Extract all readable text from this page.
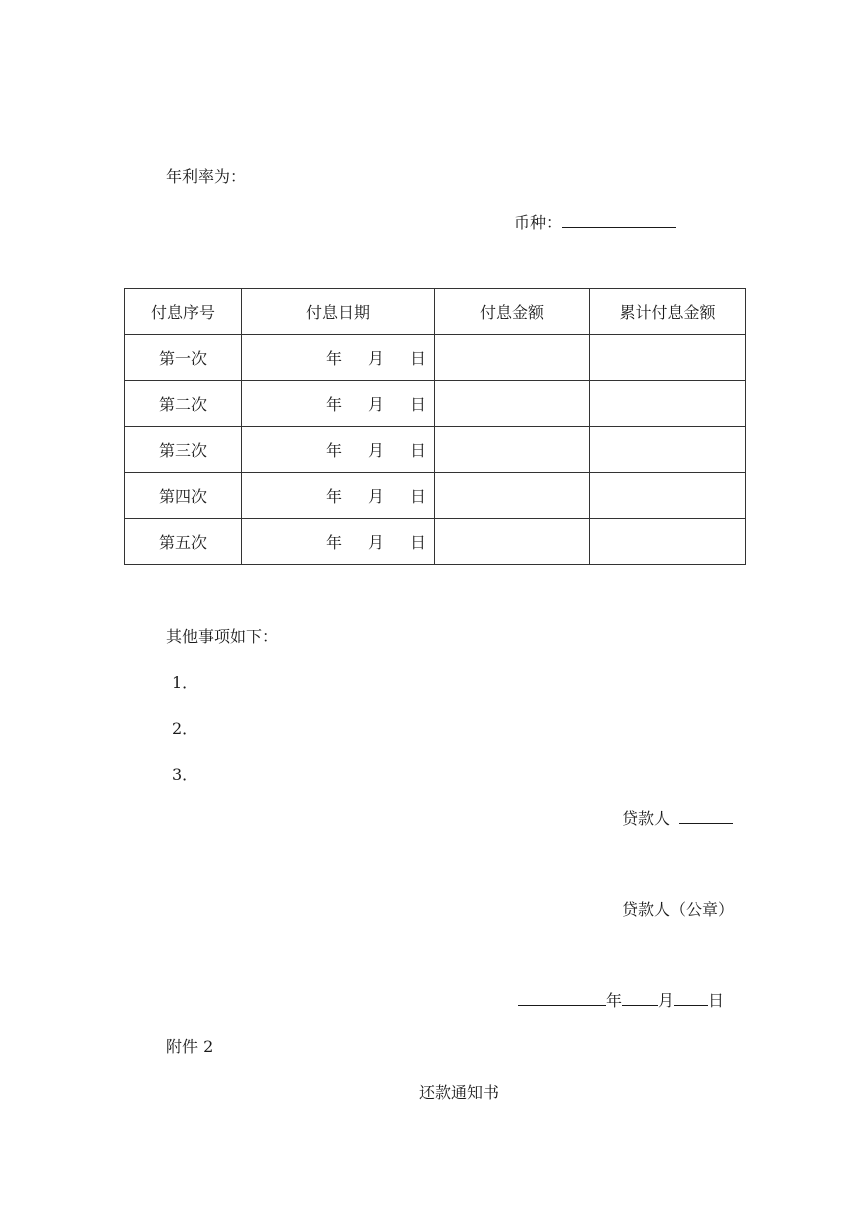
年利率为：
币种：
付息序号	付息日期	付息金额	累计付息金额
第一次	年 月 日		
第二次	年 月 日		
第三次	年 月 日		
第四次	年 月 日		
第五次	年 月 日		
其他事项如下：
1．
2．
3．
贷款人
贷款人（公章）
年 月 日
附件 2
还款通知书
